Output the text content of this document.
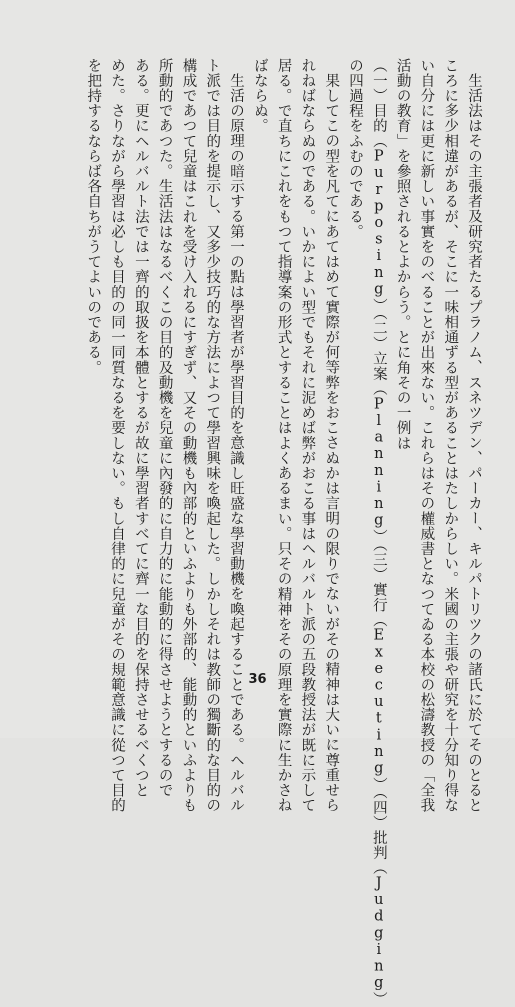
生活法はその主張者及研究者たるプラノム、スネツデン、パーカー、キルパトリツクの諸氏に於てそのとると
ころに多少相違があるが、そこに一味相通ずる型があることはたしからしい。米國の主張や研究を十分知り得な
い自分には更に新しい事實をのべることが出來ない。これらはその權威書となつてゐる本校の松濤教授の「全我
活動の教育」を參照されるとよからう。とに角その一例は
（一）目的（Purposing）（二）立案（Planning）（三）實行（Executing）（四）批判（Judging）
の四過程をふむのである。
果してこの型を凡てにあてはめて實際が何等弊をおこさぬかは言明の限りでないがその精神は大いに尊重せら
れねばならぬのである。いかによい型でもそれに泥めば弊がおこる事はヘルバルト派の五段教授法が既に示して
居る。で直ちにこれをもつて指導案の形式とすることはよくあるまい。只その精神をその原理を實際に生かさね
ばならぬ。
生活の原理の暗示する第一の點は學習者が學習目的を意識し旺盛な學習動機を喚起することである。ヘルバル
ト派では目的を提示し、又多少技巧的な方法によつて學習興味を喚起した。しかしそれは教師の獨斷的な目的の
構成であつて兒童はこれを受け入れるにすぎず、又その動機も內部的といふよりも外部的、能動的といふよりも
所動的であつた。生活法はなるべくこの目的及動機を兒童に內發的に自力的に能動的に得させようとするので
ある。更にヘルバルト法では一齊的取扱を本體とするが故に學習者すべてに齊一な目的を保持させるべくつと
めた。さりながら學習は必しも目的の同一同質なるを要しない。もし自律的に兒童がその規範意識に從つて目的
を把持するならば各自ちがうてよいのである。
36
